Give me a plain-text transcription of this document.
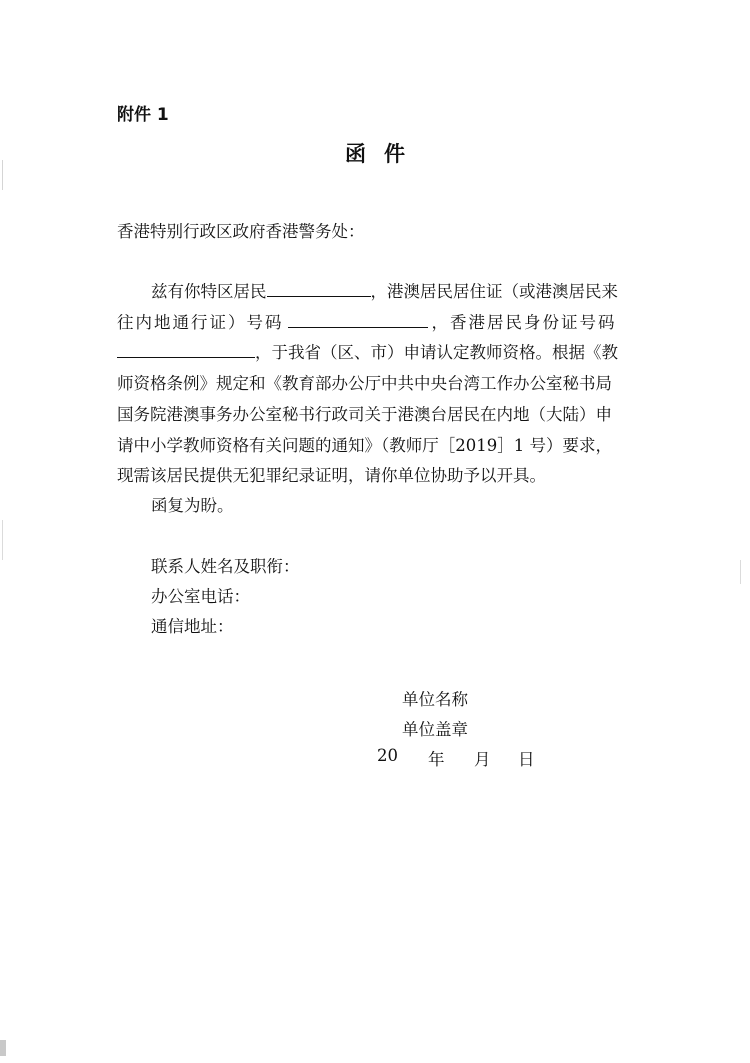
附件 1
函件
香港特别行政区政府香港警务处：
兹有你特区居民	，港澳居民居住证（或港澳居民来
往内地通行证）号码	，香港居民身份证号码
，于我省（区、市）申请认定教师资格。根据《教
师资格条例》规定和《教育部办公厅中共中央台湾工作办公室秘书局
国务院港澳事务办公室秘书行政司关于港澳台居民在内地（大陆）申
请中小学教师资格有关问题的通知》（教师厅［2019］1 号）要求，
现需该居民提供无犯罪纪录证明，请你单位协助予以开具。
函复为盼。
联系人姓名及职衔：
办公室电话：
通信地址：
单位名称
单位盖章
20 年 月 日
